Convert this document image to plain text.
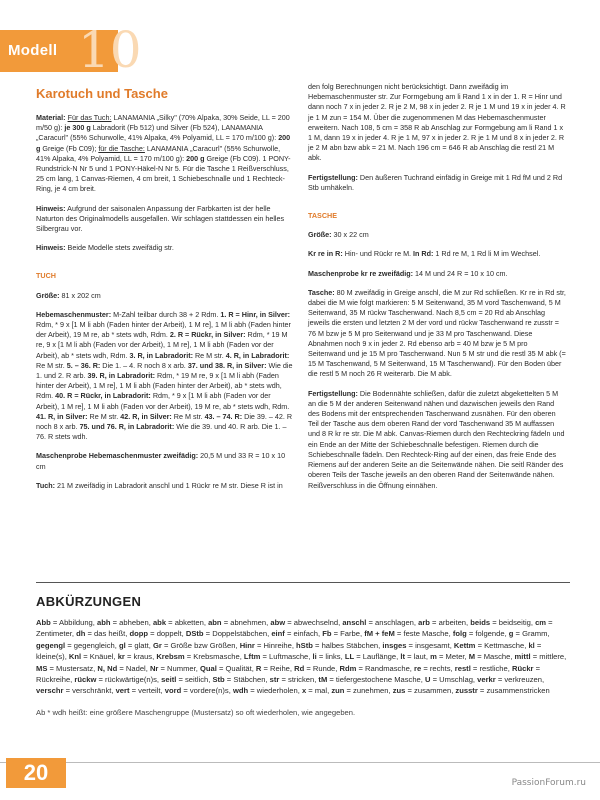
Modell 10
Karotuch und Tasche

Material: Für das Tuch: LANAMANIA „Silky" (70% Alpaka, 30% Seide, LL = 200 m/50 g): je 300 g Labradorit (Fb 512) und Silver (Fb 524), LANAMANIA „Caracurl" (55% Schurwolle, 41% Alpaka, 4% Polyamid, LL = 170 m/100 g): 200 g Greige (Fb C09); für die Tasche: LANAMANIA „Caracurl" (55% Schurwolle, 41% Alpaka, 4% Polyamid, LL = 170 m/100 g): 200 g Greige (Fb C09). 1 PONY-Rundstrick-N Nr 5 und 1 PONY-Häkel-N Nr 5. Für die Tasche 1 Reißverschluss, 25 cm lang, 1 Canvas-Riemen, 4 cm breit, 1 Schiebeschnalle und 1 Rechteck-Ring, je 4 cm breit.

Hinweis: Aufgrund der saisonalen Anpassung der Farbkarten ist der helle Naturton des Originalmodells ausgefallen. Wir schlagen stattdessen ein helles Silbergrau vor.

Hinweis: Beide Modelle stets zweifädig str.

TUCH

Größe: 81 x 202 cm

Hebemaschenmuster: M-Zahl teilbar durch 38 + 2 Rdm. 1. R = Hinr, in Silver: Rdm, * 9 x [1 M li abh (Faden hinter der Arbeit), 1 M re], 1 M li abh (Faden hinter der Arbeit), 19 M re, ab * stets wdh, Rdm. 2. R = Rückr, in Silver: Rdm, * 19 M re, 9 x [1 M li abh (Faden vor der Arbeit), 1 M re], 1 M li abh (Faden vor der Arbeit), ab * stets wdh, Rdm. 3. R, in Labradorit: Re M str. 4. R, in Labradorit: Re M str. 5. – 36. R: Die 1. – 4. R noch 8 x arb. 37. und 38. R, in Silver: Wie die 1. und 2. R arb. 39. R, in Labradorit: Rdm, * 19 M re, 9 x [1 M li abh (Faden hinter der Arbeit), 1 M re], 1 M li abh (Faden hinter der Arbeit), ab * stets wdh, Rdm. 40. R = Rückr, in Labradorit: Rdm, * 9 x [1 M li abh (Faden vor der Arbeit), 1 M re], 1 M li abh (Faden vor der Arbeit), 19 M re, ab * stets wdh, Rdm. 41. R, in Silver: Re M str. 42. R, in Silver: Re M str. 43. – 74. R: Die 39. – 42. R noch 8 x arb. 75. und 76. R, in Labradorit: Wie die 39. und 40. R arb. Die 1. – 76. R stets wdh.

Maschenprobe Hebemaschenmuster zweifädig: 20,5 M und 33 R = 10 x 10 cm

Tuch: 21 M zweifädig in Labradorit anschl und 1 Rückr re M str. Diese R ist in

den folg Berechnungen nicht berücksichtigt. Dann zweifädig im Hebemaschenmuster str. Zur Formgebung am li Rand 1 x in der 1. R = Hinr und dann noch 7 x in jeder 2. R je 2 M, 98 x in jeder 2. R je 1 M und 19 x in jeder 4. R je 1 M zun = 154 M. Über die zugenommenen M das Hebemaschenmuster erweitern. Nach 108, 5 cm = 358 R ab Anschlag zur Formgebung am li Rand 1 x 1 M, dann 19 x in jeder 4. R je 1 M, 97 x in jeder 2. R je 1 M und 8 x in jeder 2. R je 2 M abn bzw abk = 21 M. Nach 196 cm = 646 R ab Anschlag die restl 21 M abk.

Fertigstellung: Den äußeren Tuchrand einfädig in Greige mit 1 Rd fM und 2 Rd Stb umhäkeln.

TASCHE

Größe: 30 x 22 cm

Kr re in R: Hin- und Rückr re M. In Rd: 1 Rd re M, 1 Rd li M im Wechsel.

Maschenprobe kr re zweifädig: 14 M und 24 R = 10 x 10 cm.

Tasche: 80 M zweifädig in Greige anschl, die M zur Rd schließen. Kr re in Rd str, dabei die M wie folgt markieren: 5 M Seitenwand, 35 M vord Taschenwand, 5 M Seitenwand, 35 M rückw Taschenwand. Nach 8,5 cm = 20 Rd ab Anschlag jeweils die ersten und letzten 2 M der vord und rückw Taschenwand re zusstr = 76 M bzw je 5 M pro Seitenwand und je 33 M pro Taschenwand. Diese Abnahmen noch 9 x in jeder 2. Rd ebenso arb = 40 M bzw je 5 M pro Seitenwand und je 15 M pro Taschenwand. Nun 5 M str und die restl 35 M abk (= 15 M Taschenwand, 5 M Seitenwand, 15 M Taschenwand). Für den Boden über die restl 5 M noch 26 R weiterarb. Die M abk.

Fertigstellung: Die Bodennähte schließen, dafür die zuletzt abgekettelten 5 M an die 5 M der anderen Seitenwand nähen und dazwischen jeweils den Rand des Bodens mit der entsprechenden Taschenwand zusnähen. Für den oberen Teil der Tasche aus dem oberen Rand der vord Taschenwand 35 M auffassen und 8 R kr re str. Die M abk. Canvas-Riemen durch den Rechteckring fädeln und ein Ende an der Mitte der Schiebeschnalle befestigen. Riemen durch die Schiebeschnalle fädeln. Den Rechteck-Ring auf der einen, das freie Ende des Riemens auf der anderen Seite an die Seitenwände nähen. Die seitl Ränder des oberen Teils der Tasche jeweils an den oberen Rand der Seitenwände nähen. Reißverschluss in die Öffnung einnähen.

ABKÜRZUNGEN
Abb = Abbildung, abh = abheben, abk = abketten, abn = abnehmen, abw = abwechselnd, anschl = anschlagen, arb = arbeiten, beids = beidseitig, cm = Zentimeter, dh = das heißt, dopp = doppelt, DStb = Doppelstäbchen, einf = einfach, Fb = Farbe, fM + feM = feste Masche, folg = folgende, g = Gramm, gegengl = gegengleich, gl = glatt, Gr = Größe bzw Größen, Hinr = Hinreihe, hStb = halbes Stäbchen, insges = insgesamt, Kettm = Kettmasche, kl = kleine(s), Knl = Knäuel, kr = kraus, Krebsm = Krebsmasche, Lftm = Luftmasche, li = links, LL = Lauflänge, lt = laut, m = Meter, M = Masche, mittl = mittlere, MS = Mustersatz, N, Nd = Nadel, Nr = Nummer, Qual = Qualität, R = Reihe, Rd = Runde, Rdm = Randmasche, re = rechts, restl = restliche, Rückr = Rückreihe, rückw = rückwärtige(n)s, seitl = seitlich, Stb = Stäbchen, str = stricken, tM = tiefergestochene Masche, U = Umschlag, verkr = verkreuzen, verschr = verschränkt, vert = verteilt, vord = vordere(n)s, wdh = wiederholen, x = mal, zun = zunehmen, zus = zusammen, zusstr = zusammenstricken
Ab * wdh heißt: eine größere Maschengruppe (Mustersatz) so oft wiederholen, wie angegeben.
20	PassionForum.ru
